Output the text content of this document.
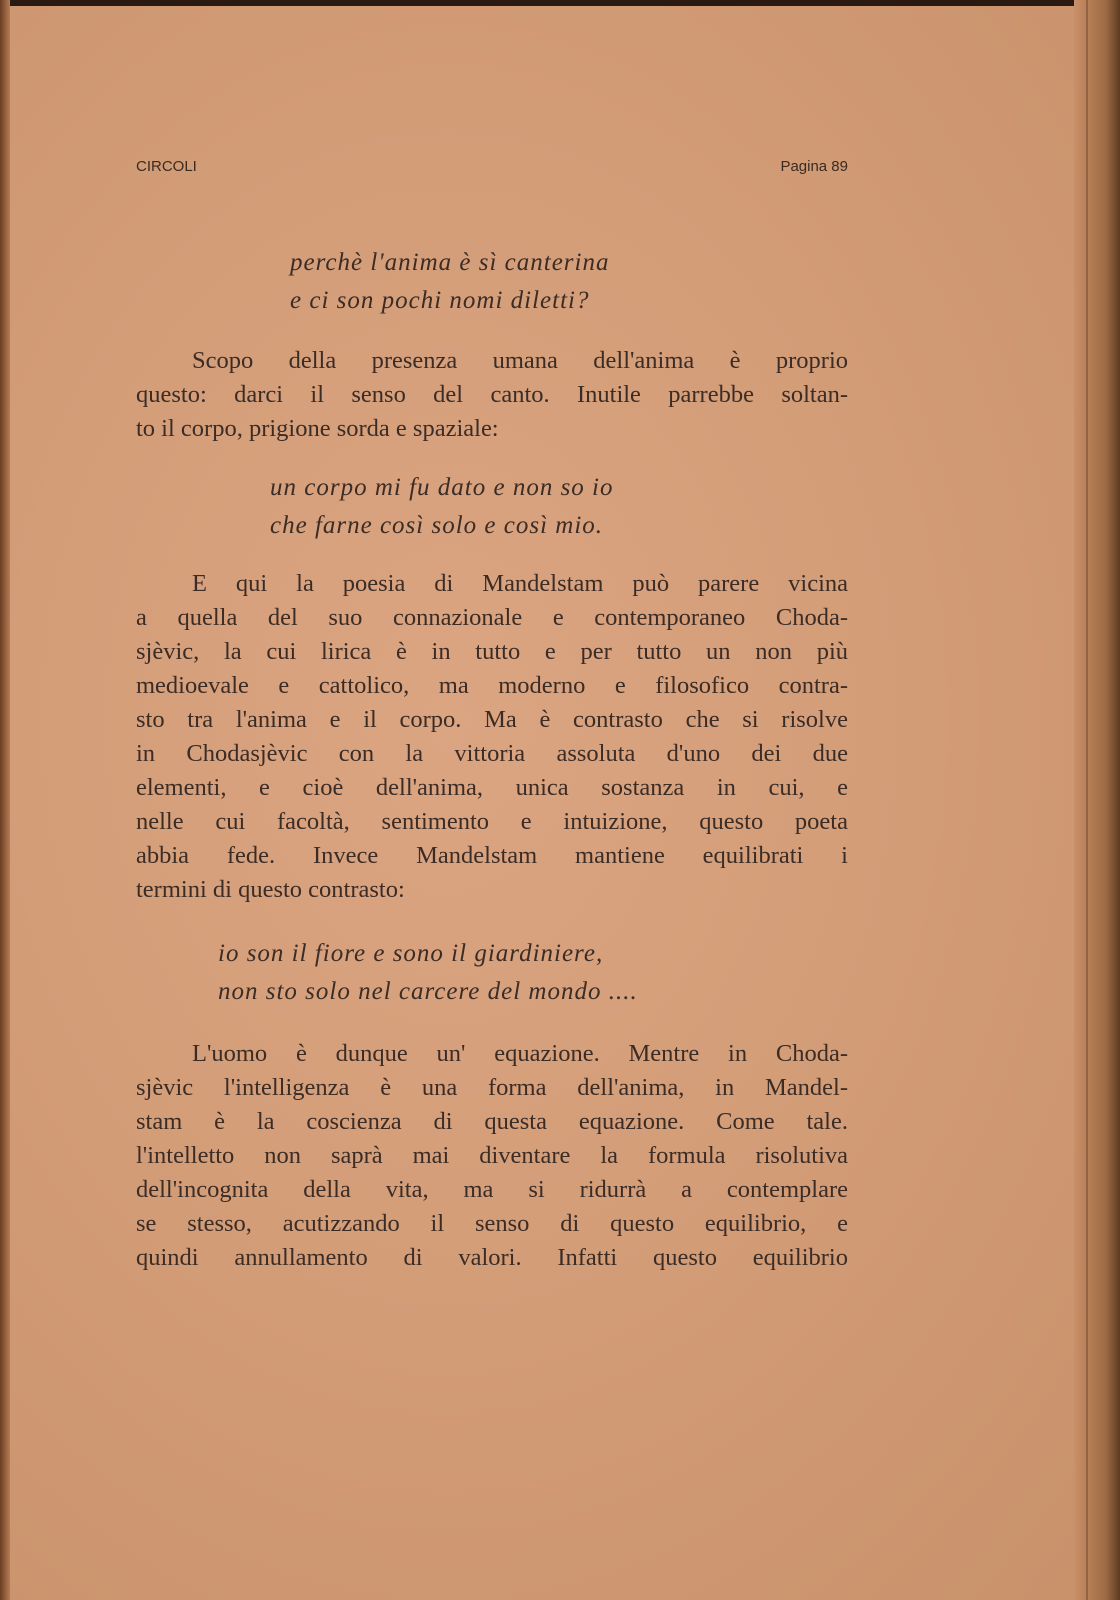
CIRCOLI	Pagina 89
perchè l'anima è sì canterina
e ci son pochi nomi diletti?
Scopo della presenza umana dell'anima è proprio
questo: darci il senso del canto. Inutile parrebbe soltan-
to il corpo, prigione sorda e spaziale:
un corpo mi fu dato e non so io
che farne così solo e così mio.
E qui la poesia di Mandelstam può parere vicina
a quella del suo connazionale e contemporaneo Choda-
sjèvic, la cui lirica è in tutto e per tutto un non più
medioevale e cattolico, ma moderno e filosofico contra-
sto tra l'anima e il corpo. Ma è contrasto che si risolve
in Chodasjèvic con la vittoria assoluta d'uno dei due
elementi, e cioè dell'anima, unica sostanza in cui, e
nelle cui facoltà, sentimento e intuizione, questo poeta
abbia fede. Invece Mandelstam mantiene equilibrati i
termini di questo contrasto:
io son il fiore e sono il giardiniere,
non sto solo nel carcere del mondo ....
L'uomo è dunque un' equazione. Mentre in Choda-
sjèvic l'intelligenza è una forma dell'anima, in Mandel-
stam è la coscienza di questa equazione. Come tale.
l'intelletto non saprà mai diventare la formula risolutiva
dell'incognita della vita, ma si ridurrà a contemplare
se stesso, acutizzando il senso di questo equilibrio, e
quindi annullamento di valori. Infatti questo equilibrio
